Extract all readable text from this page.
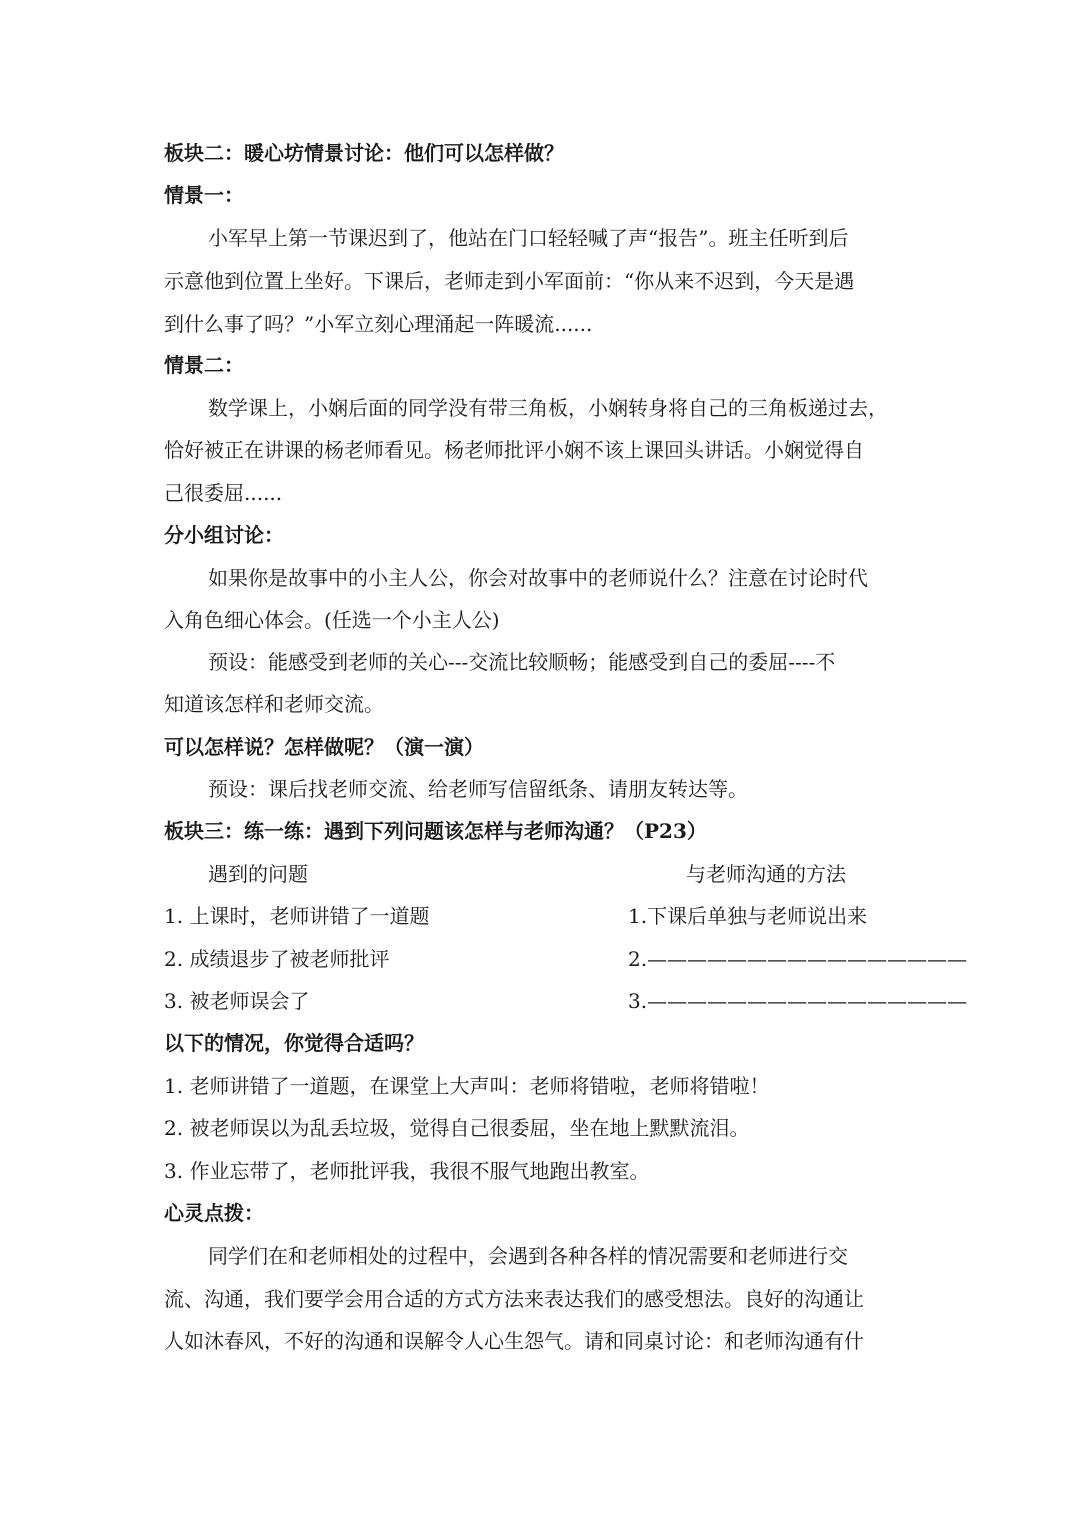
板块二：暖心坊情景讨论：他们可以怎样做？
情景一：
小军早上第一节课迟到了，他站在门口轻轻喊了声“报告”。班主任听到后
示意他到位置上坐好。下课后，老师走到小军面前：“你从来不迟到，今天是遇
到什么事了吗？”小军立刻心理涌起一阵暖流......
情景二：
数学课上，小娴后面的同学没有带三角板，小娴转身将自己的三角板递过去，
恰好被正在讲课的杨老师看见。杨老师批评小娴不该上课回头讲话。小娴觉得自
己很委屈......
分小组讨论：
如果你是故事中的小主人公，你会对故事中的老师说什么？注意在讨论时代
入角色细心体会。(任选一个小主人公)
预设：能感受到老师的关心---交流比较顺畅；能感受到自己的委屈----不
知道该怎样和老师交流。
可以怎样说？怎样做呢？（演一演）
预设：课后找老师交流、给老师写信留纸条、请朋友转达等。
板块三：练一练：遇到下列问题该怎样与老师沟通？（P23）
遇到的问题	与老师沟通的方法
1. 上课时，老师讲错了一道题	1.下课后单独与老师说出来
2. 成绩退步了被老师批评	2.————————————————
3. 被老师误会了	3.————————————————
以下的情况，你觉得合适吗？
1. 老师讲错了一道题，在课堂上大声叫：老师将错啦，老师将错啦！
2. 被老师误以为乱丢垃圾，觉得自己很委屈，坐在地上默默流泪。
3. 作业忘带了，老师批评我，我很不服气地跑出教室。
心灵点拨：
同学们在和老师相处的过程中，会遇到各种各样的情况需要和老师进行交
流、沟通，我们要学会用合适的方式方法来表达我们的感受想法。良好的沟通让
人如沐春风，不好的沟通和误解令人心生怨气。请和同桌讨论：和老师沟通有什
